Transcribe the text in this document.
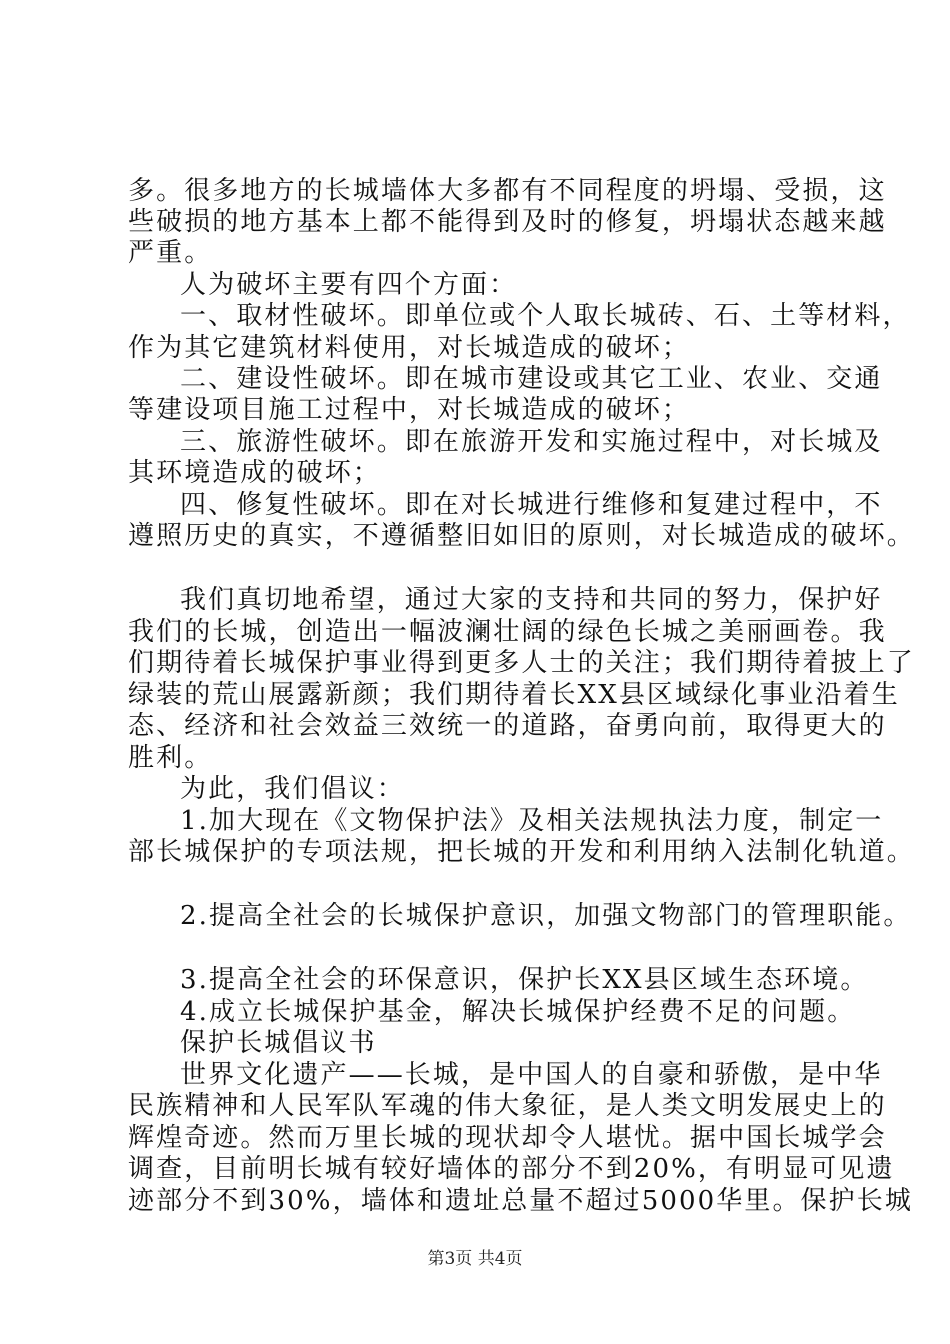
多。很多地方的长城墙体大多都有不同程度的坍塌、受损，这
些破损的地方基本上都不能得到及时的修复，坍塌状态越来越
严重。
人为破坏主要有四个方面：
一、取材性破坏。即单位或个人取长城砖、石、土等材料，
作为其它建筑材料使用，对长城造成的破坏；
二、建设性破坏。即在城市建设或其它工业、农业、交通
等建设项目施工过程中，对长城造成的破坏；
三、旅游性破坏。即在旅游开发和实施过程中，对长城及
其环境造成的破坏；
四、修复性破坏。即在对长城进行维修和复建过程中，不
遵照历史的真实，不遵循整旧如旧的原则，对长城造成的破坏。
我们真切地希望，通过大家的支持和共同的努力，保护好
我们的长城，创造出一幅波澜壮阔的绿色长城之美丽画卷。我
们期待着长城保护事业得到更多人士的关注；我们期待着披上了
绿装的荒山展露新颜；我们期待着长XX县区域绿化事业沿着生
态、经济和社会效益三效统一的道路，奋勇向前，取得更大的
胜利。
为此，我们倡议：
1.加大现在《文物保护法》及相关法规执法力度，制定一
部长城保护的专项法规，把长城的开发和利用纳入法制化轨道。
2.提高全社会的长城保护意识，加强文物部门的管理职能。
3.提高全社会的环保意识，保护长XX县区域生态环境。
4.成立长城保护基金，解决长城保护经费不足的问题。
保护长城倡议书
世界文化遗产——长城，是中国人的自豪和骄傲，是中华
民族精神和人民军队军魂的伟大象征，是人类文明发展史上的
辉煌奇迹。然而万里长城的现状却令人堪忧。据中国长城学会
调查，目前明长城有较好墙体的部分不到20%，有明显可见遗
迹部分不到30%，墙体和遗址总量不超过5000华里。保护长城
第3页 共4页
